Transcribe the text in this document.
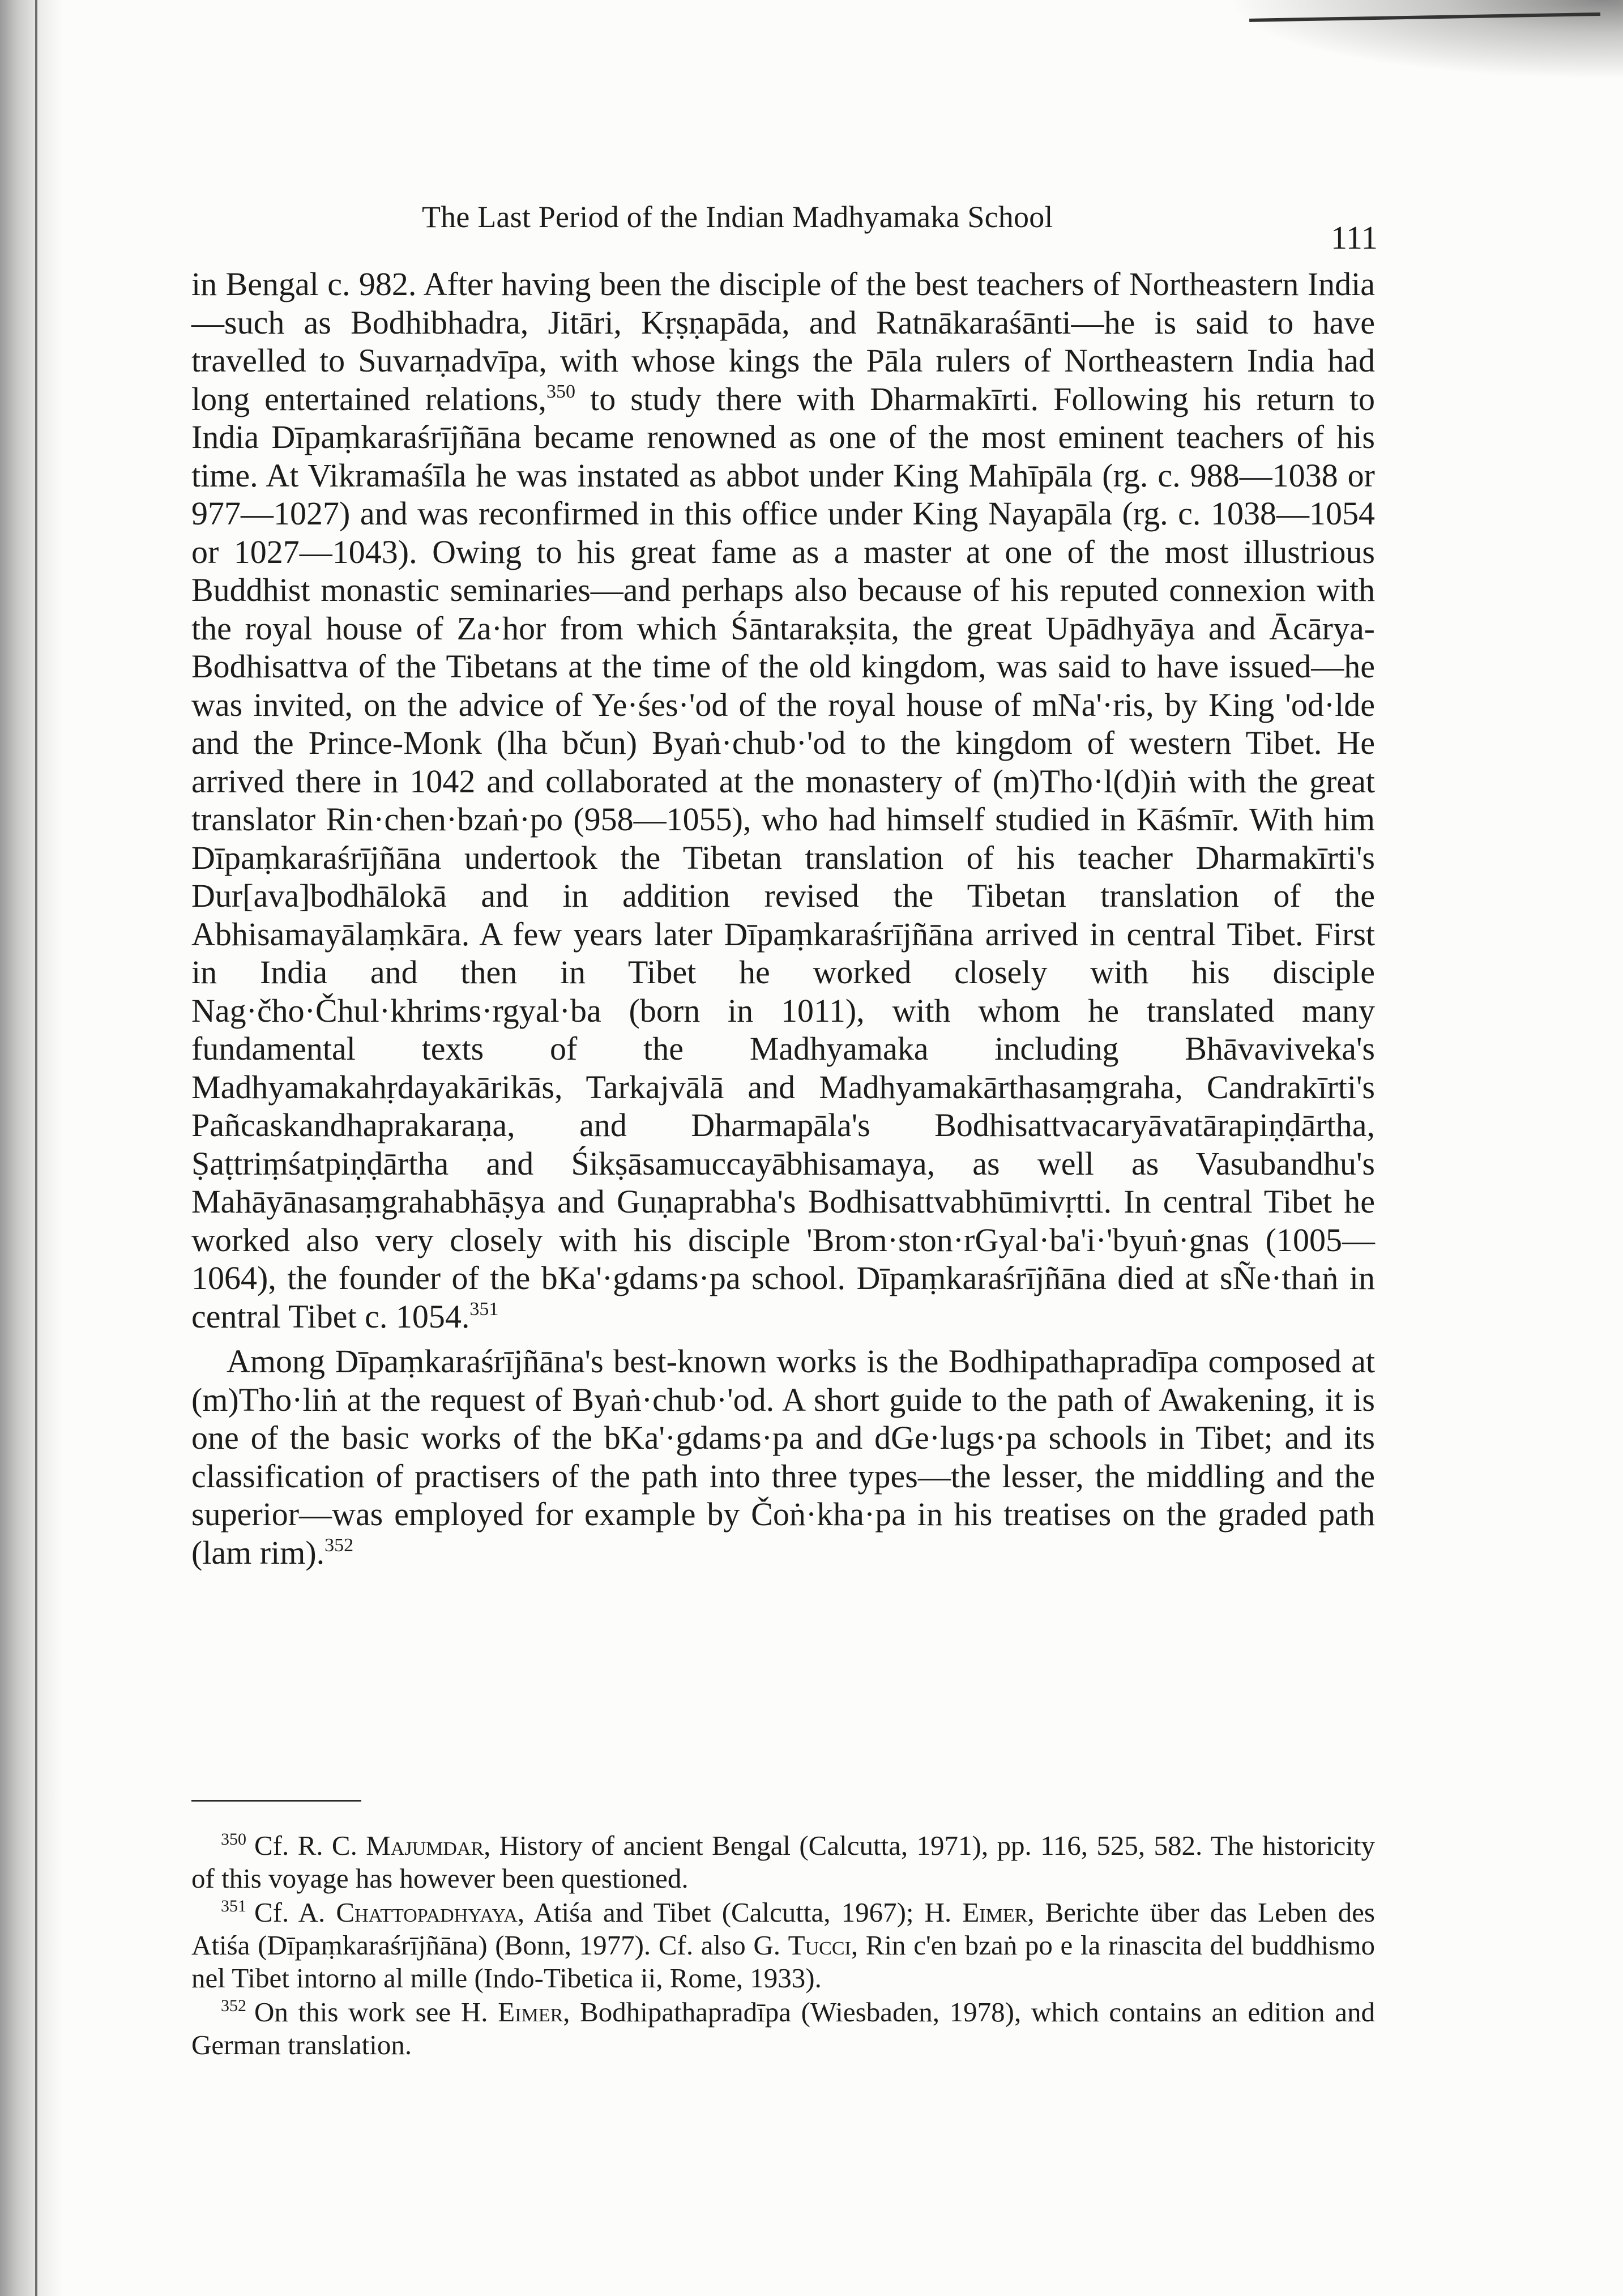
The Last Period of the Indian Madhyamaka School
111

in Bengal c. 982. After having been the disciple of the best teachers of Northeastern India—such as Bodhibhadra, Jitāri, Kṛṣṇapāda, and Ratnākaraśānti—he is said to have travelled to Suvarṇadvīpa, with whose kings the Pāla rulers of Northeastern India had long entertained relations,$^{350}$ to study there with Dharmakīrti. Following his return to India Dīpaṃkaraśrījñāna became renowned as one of the most eminent teachers of his time. At Vikramaśīla he was instated as abbot under King Mahīpāla (rg. c. 988—1038 or 977—1027) and was reconfirmed in this office under King Nayapāla (rg. c. 1038—1054 or 1027—1043). Owing to his great fame as a master at one of the most illustrious Buddhist monastic seminaries—and perhaps also because of his reputed connexion with the royal house of Za·hor from which Śāntarakṣita, the great Upādhyāya and Ācārya-Bodhisattva of the Tibetans at the time of the old kingdom, was said to have issued—he was invited, on the advice of Ye·śes·'od of the royal house of mNa'·ris, by King 'od·lde and the Prince-Monk (lha bčun) Byaṅ·chub·'od to the kingdom of western Tibet. He arrived there in 1042 and collaborated at the monastery of (m)Tho·l(d)iṅ with the great translator Rin·chen·bzaṅ·po (958—1055), who had himself studied in Kāśmīr. With him Dīpaṃkaraśrījñāna undertook the Tibetan translation of his teacher Dharmakīrti's Dur[ava]bodhālokā and in addition revised the Tibetan translation of the Abhisamayālaṃkāra. A few years later Dīpaṃkaraśrījñāna arrived in central Tibet. First in India and then in Tibet he worked closely with his disciple Nag·čho·Čhul·khrims·rgyal·ba (born in 1011), with whom he translated many fundamental texts of the Madhyamaka including Bhāvaviveka's Madhyamakahṛdayakārikās, Tarkajvālā and Madhyamakārthasaṃgraha, Candrakīrti's Pañcaskandhaprakaraṇa, and Dharmapāla's Bodhisattvacaryāvatārapiṇḍārtha, Ṣaṭtriṃśatpiṇḍārtha and Śikṣāsamuccayābhisamaya, as well as Vasubandhu's Mahāyānasaṃgrahabhāṣya and Guṇaprabha's Bodhisattvabhūmivṛtti. In central Tibet he worked also very closely with his disciple 'Brom·ston·rGyal·ba'i·'byuṅ·gnas (1005—1064), the founder of the bKa'·gdams·pa school. Dīpaṃkaraśrījñāna died at sÑe·thaṅ in central Tibet c. 1054.$^{351}$

Among Dīpaṃkaraśrījñāna's best-known works is the Bodhipathapradīpa composed at (m)Tho·liṅ at the request of Byaṅ·chub·'od. A short guide to the path of Awakening, it is one of the basic works of the bKa'·gdams·pa and dGe·lugs·pa schools in Tibet; and its classification of practisers of the path into three types—the lesser, the middling and the superior—was employed for example by Čoṅ·kha·pa in his treatises on the graded path (lam rim).$^{352}$

$^{350}$ Cf. R. C. Majumdar, History of ancient Bengal (Calcutta, 1971), pp. 116, 525, 582. The historicity of this voyage has however been questioned.

$^{351}$ Cf. A. Chattopadhyaya, Atiśa and Tibet (Calcutta, 1967); H. Eimer, Berichte über das Leben des Atiśa (Dīpaṃkaraśrījñāna) (Bonn, 1977). Cf. also G. Tucci, Rin c'en bzaṅ po e la rinascita del buddhismo nel Tibet intorno al mille (Indo-Tibetica ii, Rome, 1933).

$^{352}$ On this work see H. Eimer, Bodhipathapradīpa (Wiesbaden, 1978), which contains an edition and German translation.
